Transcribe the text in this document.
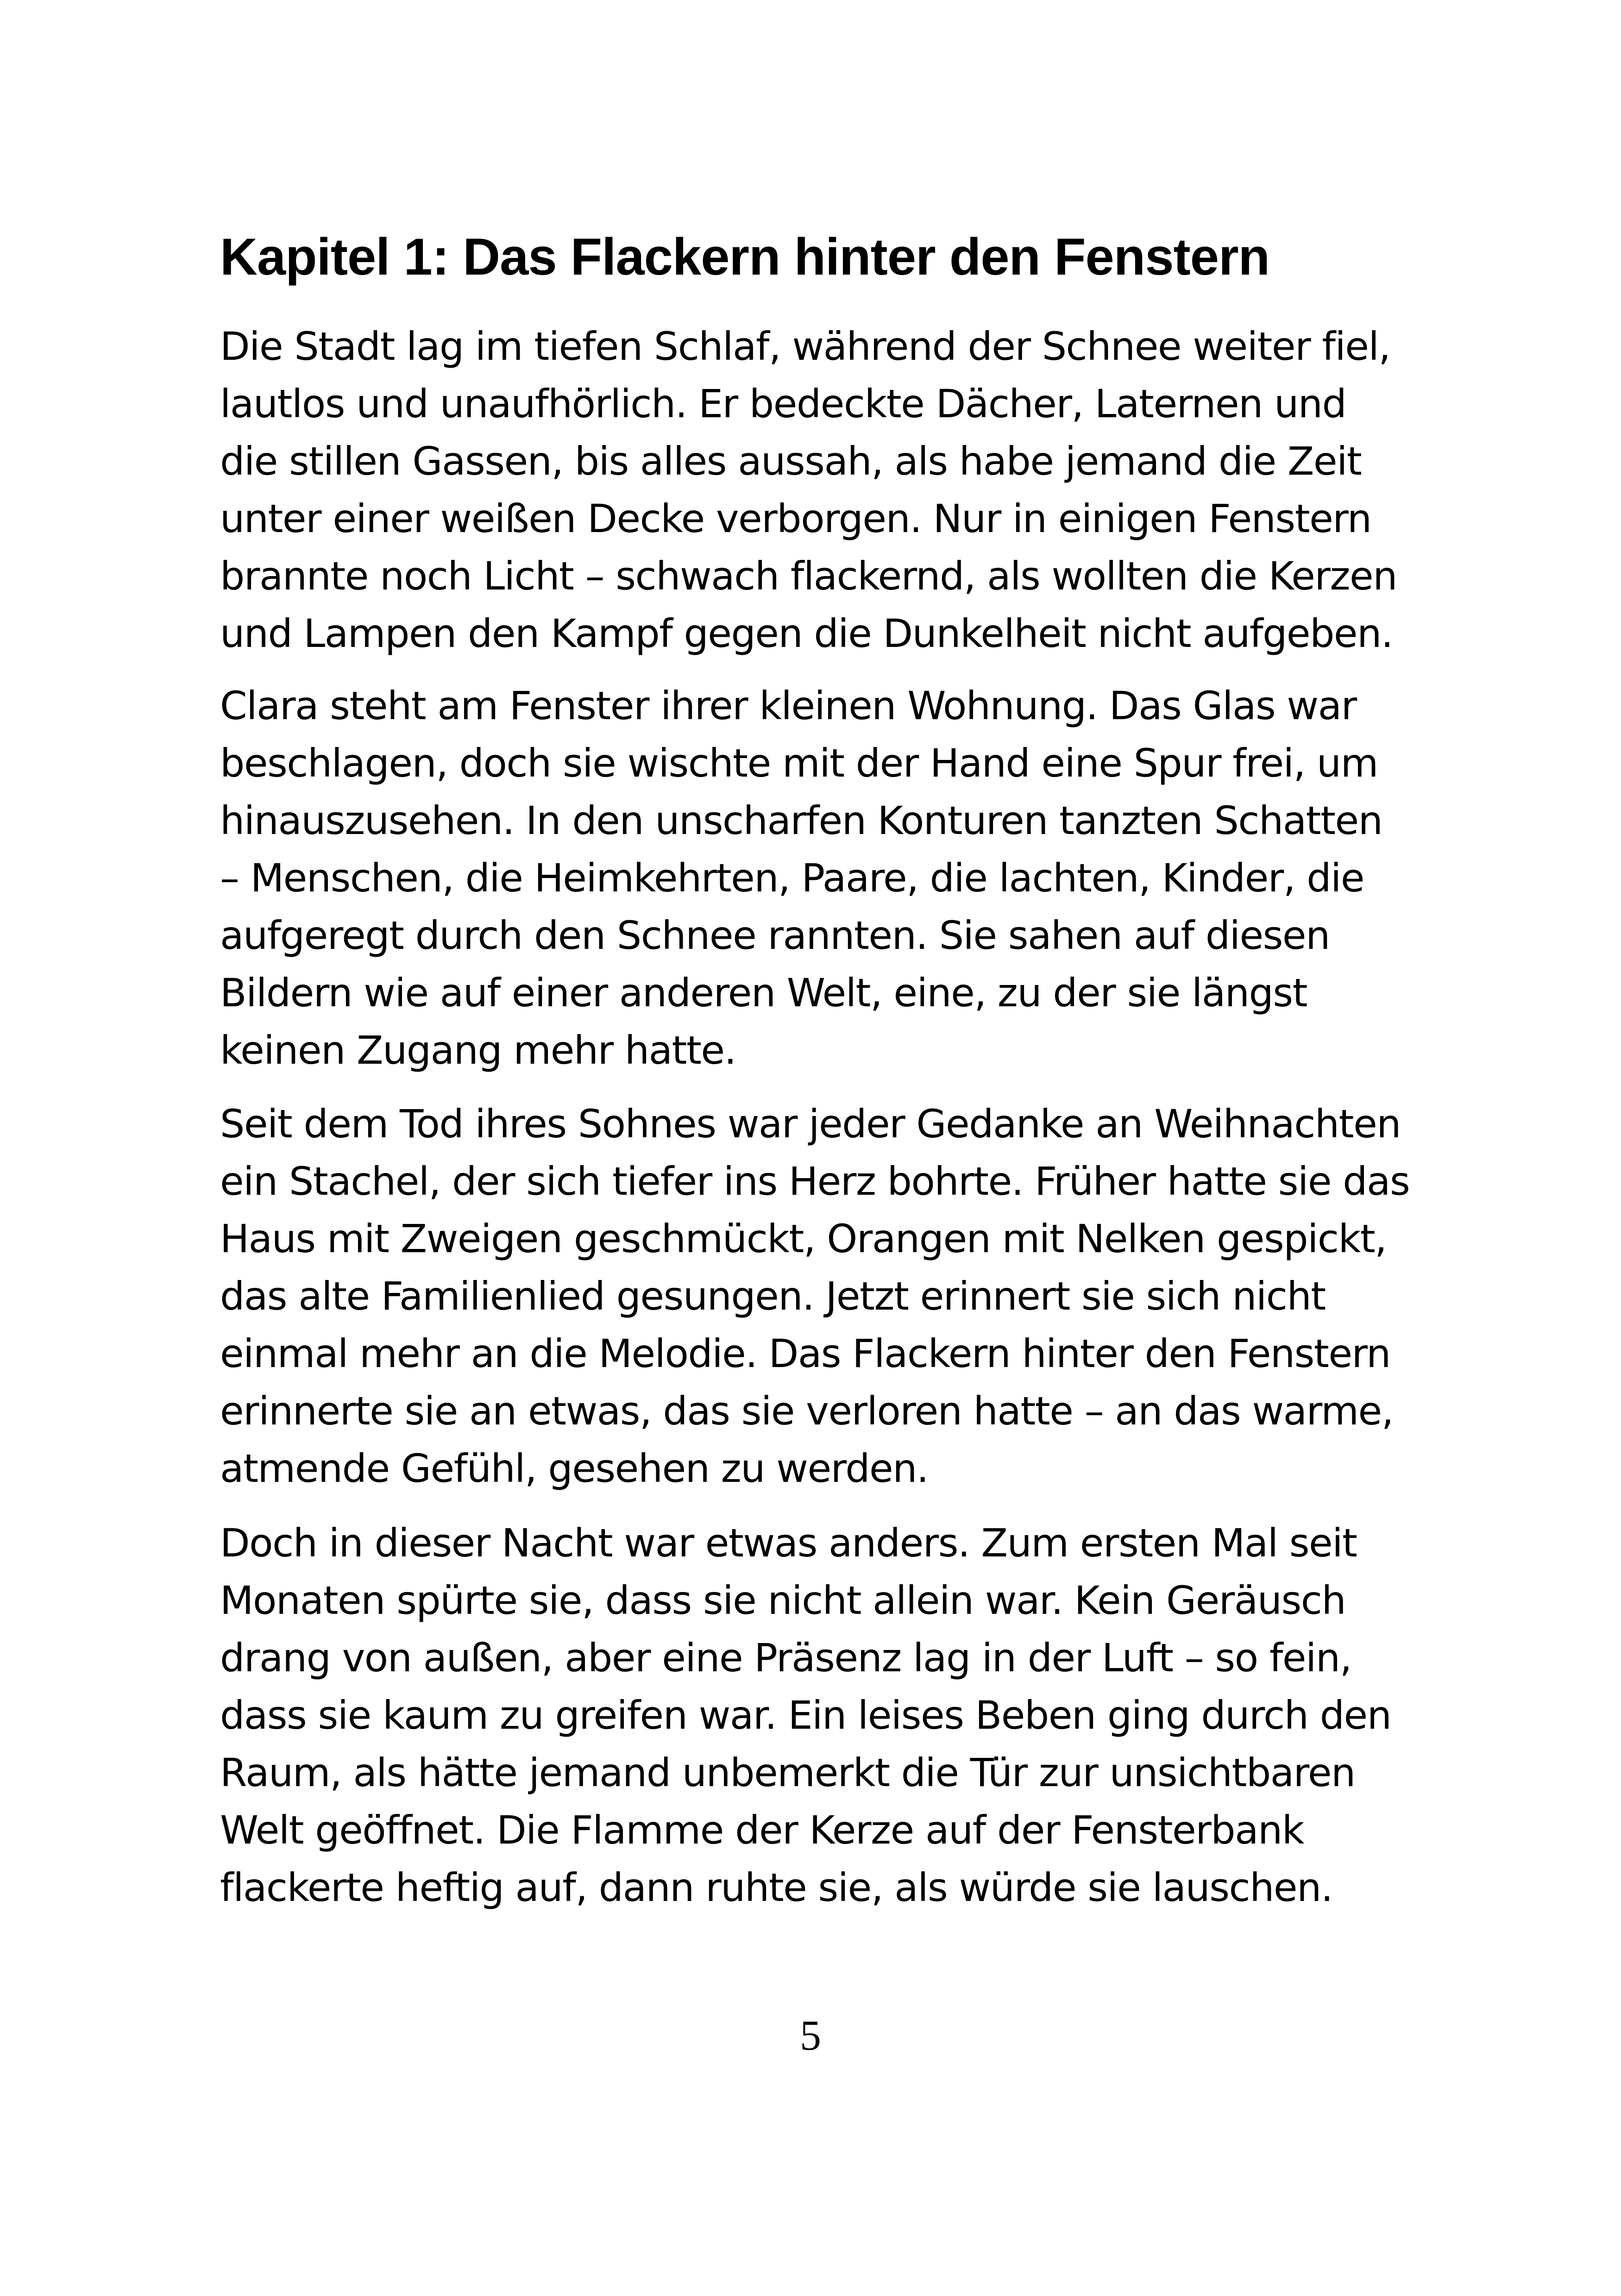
Kapitel 1: Das Flackern hinter den Fenstern

Die Stadt lag im tiefen Schlaf, während der Schnee weiter fiel,
lautlos und unaufhörlich. Er bedeckte Dächer, Laternen und
die stillen Gassen, bis alles aussah, als habe jemand die Zeit
unter einer weißen Decke verborgen. Nur in einigen Fenstern
brannte noch Licht – schwach flackernd, als wollten die Kerzen
und Lampen den Kampf gegen die Dunkelheit nicht aufgeben.

Clara steht am Fenster ihrer kleinen Wohnung. Das Glas war
beschlagen, doch sie wischte mit der Hand eine Spur frei, um
hinauszusehen. In den unscharfen Konturen tanzten Schatten
– Menschen, die Heimkehrten, Paare, die lachten, Kinder, die
aufgeregt durch den Schnee rannten. Sie sahen auf diesen
Bildern wie auf einer anderen Welt, eine, zu der sie längst
keinen Zugang mehr hatte.

Seit dem Tod ihres Sohnes war jeder Gedanke an Weihnachten
ein Stachel, der sich tiefer ins Herz bohrte. Früher hatte sie das
Haus mit Zweigen geschmückt, Orangen mit Nelken gespickt,
das alte Familienlied gesungen. Jetzt erinnert sie sich nicht
einmal mehr an die Melodie. Das Flackern hinter den Fenstern
erinnerte sie an etwas, das sie verloren hatte – an das warme,
atmende Gefühl, gesehen zu werden.

Doch in dieser Nacht war etwas anders. Zum ersten Mal seit
Monaten spürte sie, dass sie nicht allein war. Kein Geräusch
drang von außen, aber eine Präsenz lag in der Luft – so fein,
dass sie kaum zu greifen war. Ein leises Beben ging durch den
Raum, als hätte jemand unbemerkt die Tür zur unsichtbaren
Welt geöffnet. Die Flamme der Kerze auf der Fensterbank
flackerte heftig auf, dann ruhte sie, als würde sie lauschen.

5
